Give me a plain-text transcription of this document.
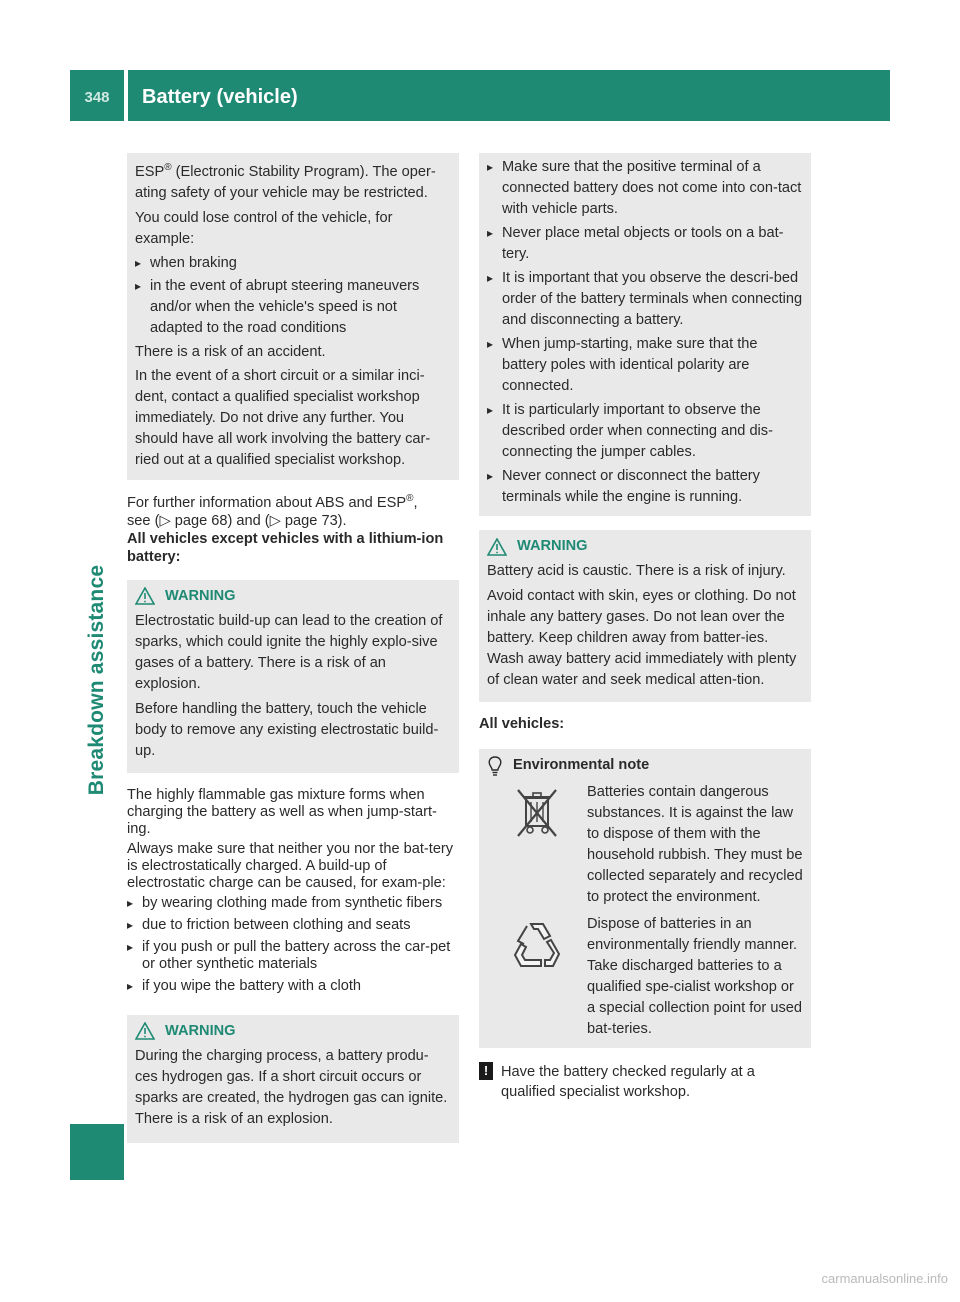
348	Battery (vehicle)
Breakdown assistance

ESP® (Electronic Stability Program). The oper-
ating safety of your vehicle may be restricted.

You could lose control of the vehicle, for example:

▸ when braking
▸ in the event of abrupt steering maneuvers and/or when the vehicle's speed is not adapted to the road conditions

There is a risk of an accident.

In the event of a short circuit or a similar inci-dent, contact a qualified specialist workshop immediately. Do not drive any further. You should have all work involving the battery car-ried out at a qualified specialist workshop.

For further information about ABS and ESP®,
see (▷ page 68) and (▷ page 73).

All vehicles except vehicles with a lithium-ion battery:

WARNING

Electrostatic build-up can lead to the creation of sparks, which could ignite the highly explo-sive gases of a battery. There is a risk of an explosion.

Before handling the battery, touch the vehicle body to remove any existing electrostatic build-up.

The highly flammable gas mixture forms when charging the battery as well as when jump-start-ing.

Always make sure that neither you nor the bat-tery is electrostatically charged. A build-up of electrostatic charge can be caused, for exam-ple:

▸ by wearing clothing made from synthetic fibers
▸ due to friction between clothing and seats
▸ if you push or pull the battery across the car-pet or other synthetic materials
▸ if you wipe the battery with a cloth
WARNING

During the charging process, a battery produ-ces hydrogen gas. If a short circuit occurs or sparks are created, the hydrogen gas can ignite. There is a risk of an explosion.

▸ Make sure that the positive terminal of a connected battery does not come into con-tact with vehicle parts.
▸ Never place metal objects or tools on a bat-tery.
▸ It is important that you observe the descri-bed order of the battery terminals when connecting and disconnecting a battery.
▸ When jump-starting, make sure that the battery poles with identical polarity are connected.
▸ It is particularly important to observe the described order when connecting and dis-connecting the jumper cables.
▸ Never connect or disconnect the battery terminals while the engine is running.
WARNING

Battery acid is caustic. There is a risk of injury.

Avoid contact with skin, eyes or clothing. Do not inhale any battery gases. Do not lean over the battery. Keep children away from batter-ies. Wash away battery acid immediately with plenty of clean water and seek medical atten-tion.

All vehicles:

Environmental note
Batteries contain dangerous substances. It is against the law to dispose of them with the household rubbish. They must be collected separately and recycled to protect the environment.
Dispose of batteries in an environmentally friendly manner. Take discharged batteries to a qualified spe-cialist workshop or a special collection point for used bat-teries.
! Have the battery checked regularly at a qualified specialist workshop.
carmanualsonline.info
